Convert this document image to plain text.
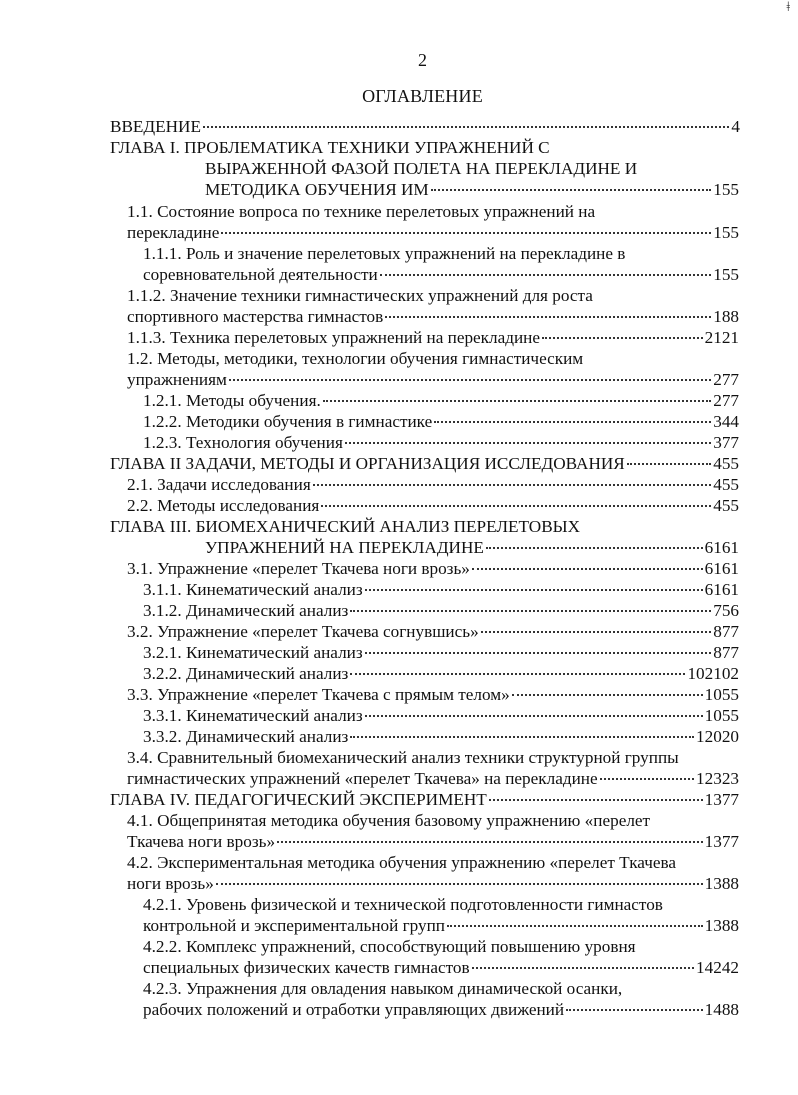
ǂ
2
ОГЛАВЛЕНИЕ
ВВЕДЕНИЕ	4
ГЛАВА I. ПРОБЛЕМАТИКА ТЕХНИКИ УПРАЖНЕНИЙ С
ВЫРАЖЕННОЙ ФАЗОЙ ПОЛЕТА НА ПЕРЕКЛАДИНЕ И
МЕТОДИКА ОБУЧЕНИЯ ИМ	155
1.1. Состояние вопроса по технике перелетовых упражнений на
перекладине	155
1.1.1. Роль и значение перелетовых упражнений на перекладине в
соревновательной деятельности	155
1.1.2. Значение техники гимнастических упражнений для роста
спортивного мастерства гимнастов	188
1.1.3. Техника перелетовых упражнений на перекладине	2121
1.2. Методы, методики, технологии обучения гимнастическим
упражнениям	277
1.2.1. Методы обучения.	277
1.2.2. Методики обучения в гимнастике	344
1.2.3. Технология обучения	377
ГЛАВА II ЗАДАЧИ, МЕТОДЫ И ОРГАНИЗАЦИЯ ИССЛЕДОВАНИЯ	455
2.1. Задачи исследования	455
2.2. Методы исследования	455
ГЛАВА III. БИОМЕХАНИЧЕСКИЙ АНАЛИЗ ПЕРЕЛЕТОВЫХ
УПРАЖНЕНИЙ НА ПЕРЕКЛАДИНЕ	6161
3.1. Упражнение «перелет Ткачева ноги врозь»	6161
3.1.1. Кинематический анализ	6161
3.1.2. Динамический анализ	756
3.2. Упражнение «перелет Ткачева согнувшись»	877
3.2.1. Кинематический анализ	877
3.2.2. Динамический анализ	102102
3.3. Упражнение «перелет Ткачева с прямым телом»	1055
3.3.1. Кинематический анализ	1055
3.3.2. Динамический анализ	12020
3.4. Сравнительный биомеханический анализ техники структурной группы
гимнастических упражнений «перелет Ткачева» на перекладине	12323
ГЛАВА IV. ПЕДАГОГИЧЕСКИЙ ЭКСПЕРИМЕНТ	1377
4.1. Общепринятая методика обучения базовому упражнению «перелет
Ткачева ноги врозь»	1377
4.2. Экспериментальная методика обучения упражнению «перелет Ткачева
ноги врозь»	1388
4.2.1. Уровень физической и технической подготовленности гимнастов
контрольной и экспериментальной групп	1388
4.2.2. Комплекс упражнений, способствующий повышению уровня
специальных физических качеств гимнастов	14242
4.2.3. Упражнения для овладения навыком динамической осанки,
рабочих положений и отработки управляющих движений	1488
